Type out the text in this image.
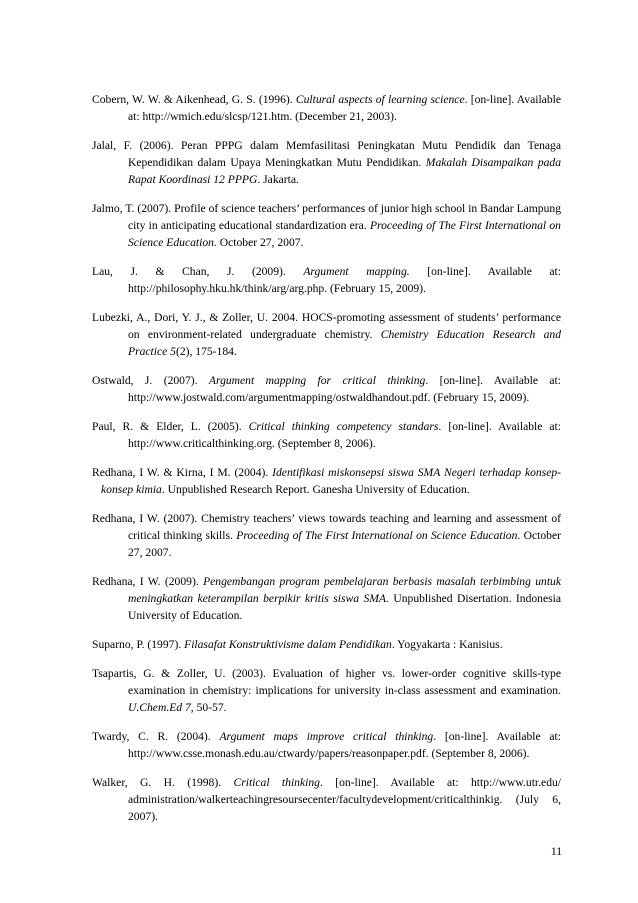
Cobern, W. W. & Aikenhead, G. S. (1996). Cultural aspects of learning science. [on-line]. Available at: http://wmich.edu/slcsp/121.htm. (December 21, 2003).

Jalal, F. (2006). Peran PPPG dalam Memfasilitasi Peningkatan Mutu Pendidik dan Tenaga Kependidikan dalam Upaya Meningkatkan Mutu Pendidikan. Makalah Disampaikan pada Rapat Koordinasi 12 PPPG. Jakarta.

Jalmo, T. (2007). Profile of science teachers’ performances of junior high school in Bandar Lampung city in anticipating educational standardization era. Proceeding of The First International on Science Education. October 27, 2007.

Lau, J. & Chan, J. (2009). Argument mapping. [on-line]. Available at: http://philosophy.hku.hk/think/arg/arg.php. (February 15, 2009).

Lubezki, A., Dori, Y. J., & Zoller, U. 2004. HOCS-promoting assessment of students’ performance on environment-related undergraduate chemistry. Chemistry Education Research and Practice 5(2), 175-184.

Ostwald, J. (2007). Argument mapping for critical thinking. [on-line]. Available at: http://www.jostwald.com/argumentmapping/ostwaldhandout.pdf. (February 15, 2009).

Paul, R. & Elder, L. (2005). Critical thinking competency standars. [on-line]. Available at: http://www.criticalthinking.org. (September 8, 2006).

Redhana, I W. & Kirna, I M. (2004). Identifikasi miskonsepsi siswa SMA Negeri terhadap konsep-konsep kimia. Unpublished Research Report. Ganesha University of Education.

Redhana, I W. (2007). Chemistry teachers’ views towards teaching and learning and assessment of critical thinking skills. Proceeding of The First International on Science Education. October 27, 2007.

Redhana, I W. (2009). Pengembangan program pembelajaran berbasis masalah terbimbing untuk meningkatkan keterampilan berpikir kritis siswa SMA. Unpublished Disertation. Indonesia University of Education.

Suparno, P. (1997). Filasafat Konstruktivisme dalam Pendidikan. Yogyakarta : Kanisius.

Tsapartis, G. & Zoller, U. (2003). Evaluation of higher vs. lower-order cognitive skills-type examination in chemistry: implications for university in-class assessment and examination. U.Chem.Ed 7, 50-57.

Twardy, C. R. (2004). Argument maps improve critical thinking. [on-line]. Available at: http://www.csse.monash.edu.au/ctwardy/papers/reasonpaper.pdf. (September 8, 2006).

Walker, G. H. (1998). Critical thinking. [on-line]. Available at: http://www.utr.edu/ administration/walkerteachingresoursecenter/facultydevelopment/criticalthinkig. (July 6, 2007).

11
